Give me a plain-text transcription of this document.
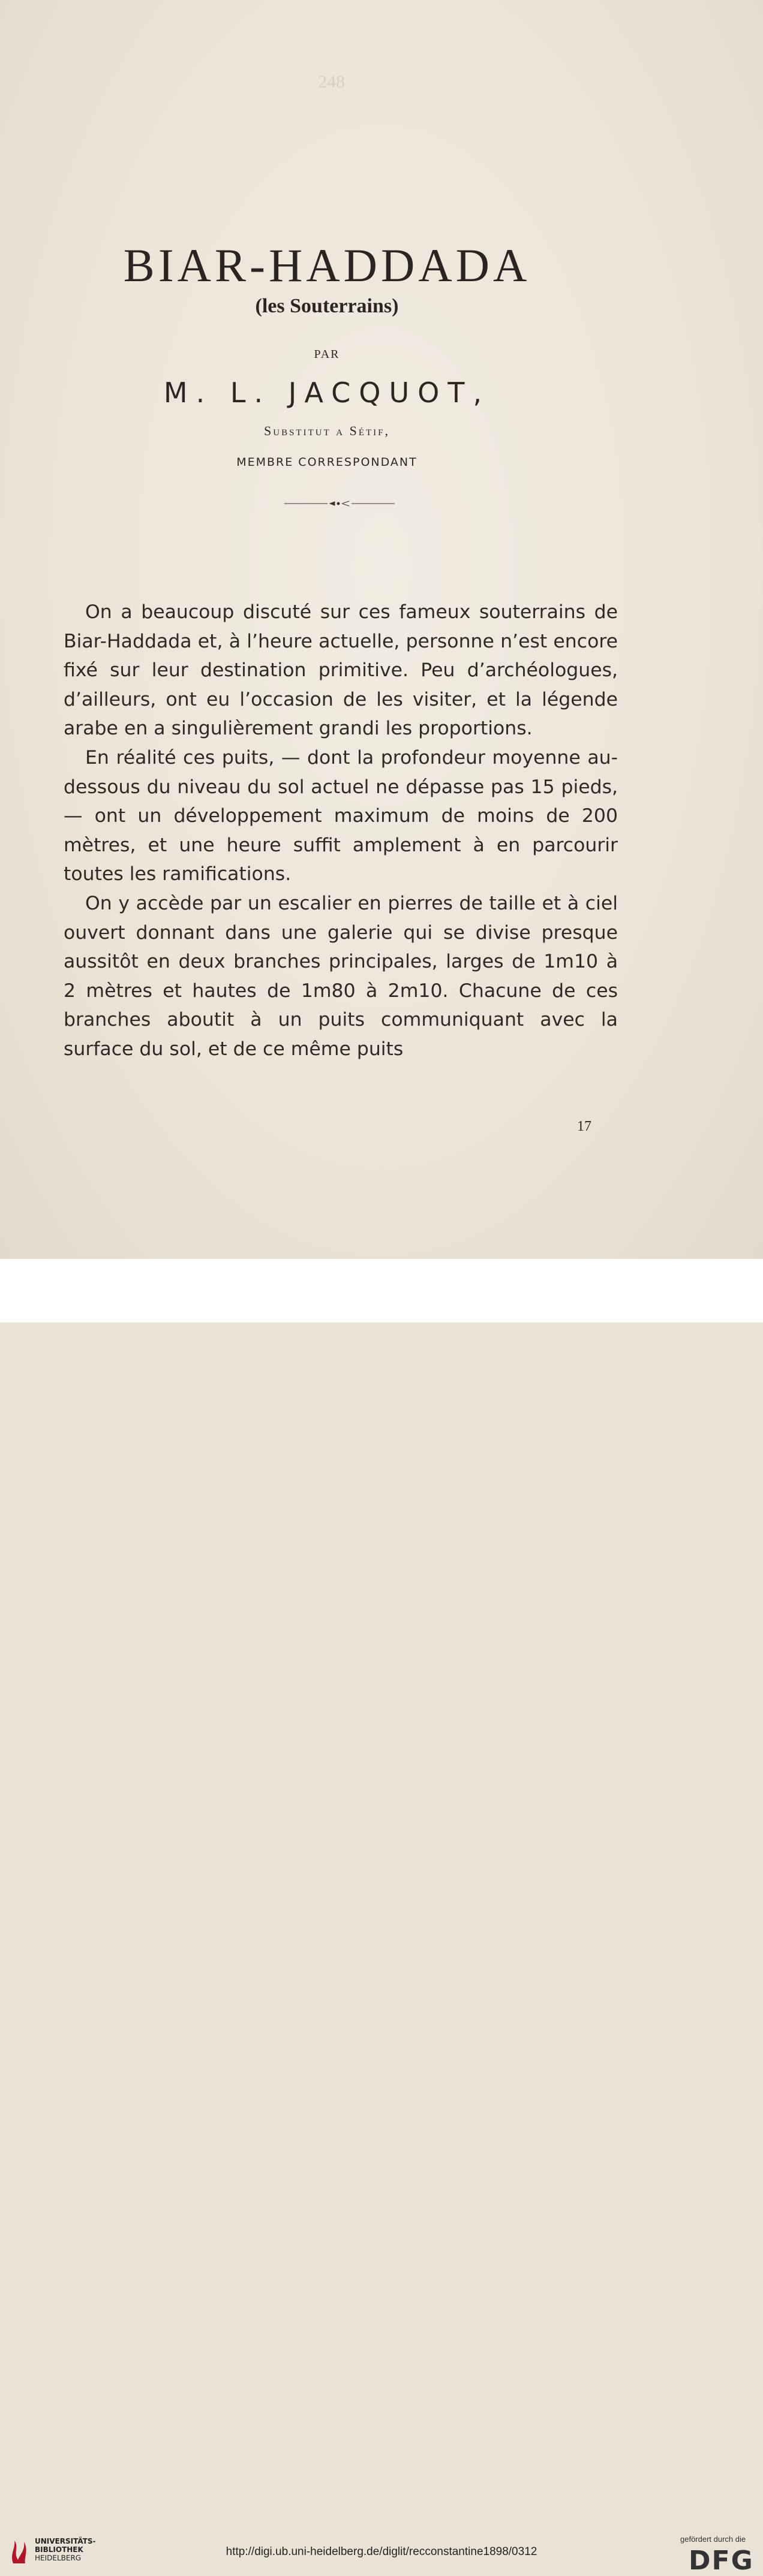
248
BIAR-HADDADA
(les Souterrains)
PAR
M. L. JACQUOT,
Substitut a Sétif,
MEMBRE CORRESPONDANT

On a beaucoup discuté sur ces fameux souterrains de Biar-Haddada et, à l’heure actuelle, personne n’est encore fixé sur leur destination primitive. Peu d’archéologues, d’ailleurs, ont eu l’occasion de les visiter, et la légende arabe en a singulièrement grandi les proportions.

En réalité ces puits, — dont la profondeur moyenne au-dessous du niveau du sol actuel ne dépasse pas 15 pieds, — ont un développement maximum de moins de 200 mètres, et une heure suffit amplement à en parcourir toutes les ramifications.

On y accède par un escalier en pierres de taille et à ciel ouvert donnant dans une galerie qui se divise presque aussitôt en deux branches principales, larges de 1m10 à 2 mètres et hautes de 1m80 à 2m10. Chacune de ces branches aboutit à un puits communiquant avec la surface du sol, et de ce même puits

17
UNIVERSITÄTS-
BIBLIOTHEK
HEIDELBERG	http://digi.ub.uni-heidelberg.de/diglit/recconstantine1898/0312
gefördert durch die
DFG
